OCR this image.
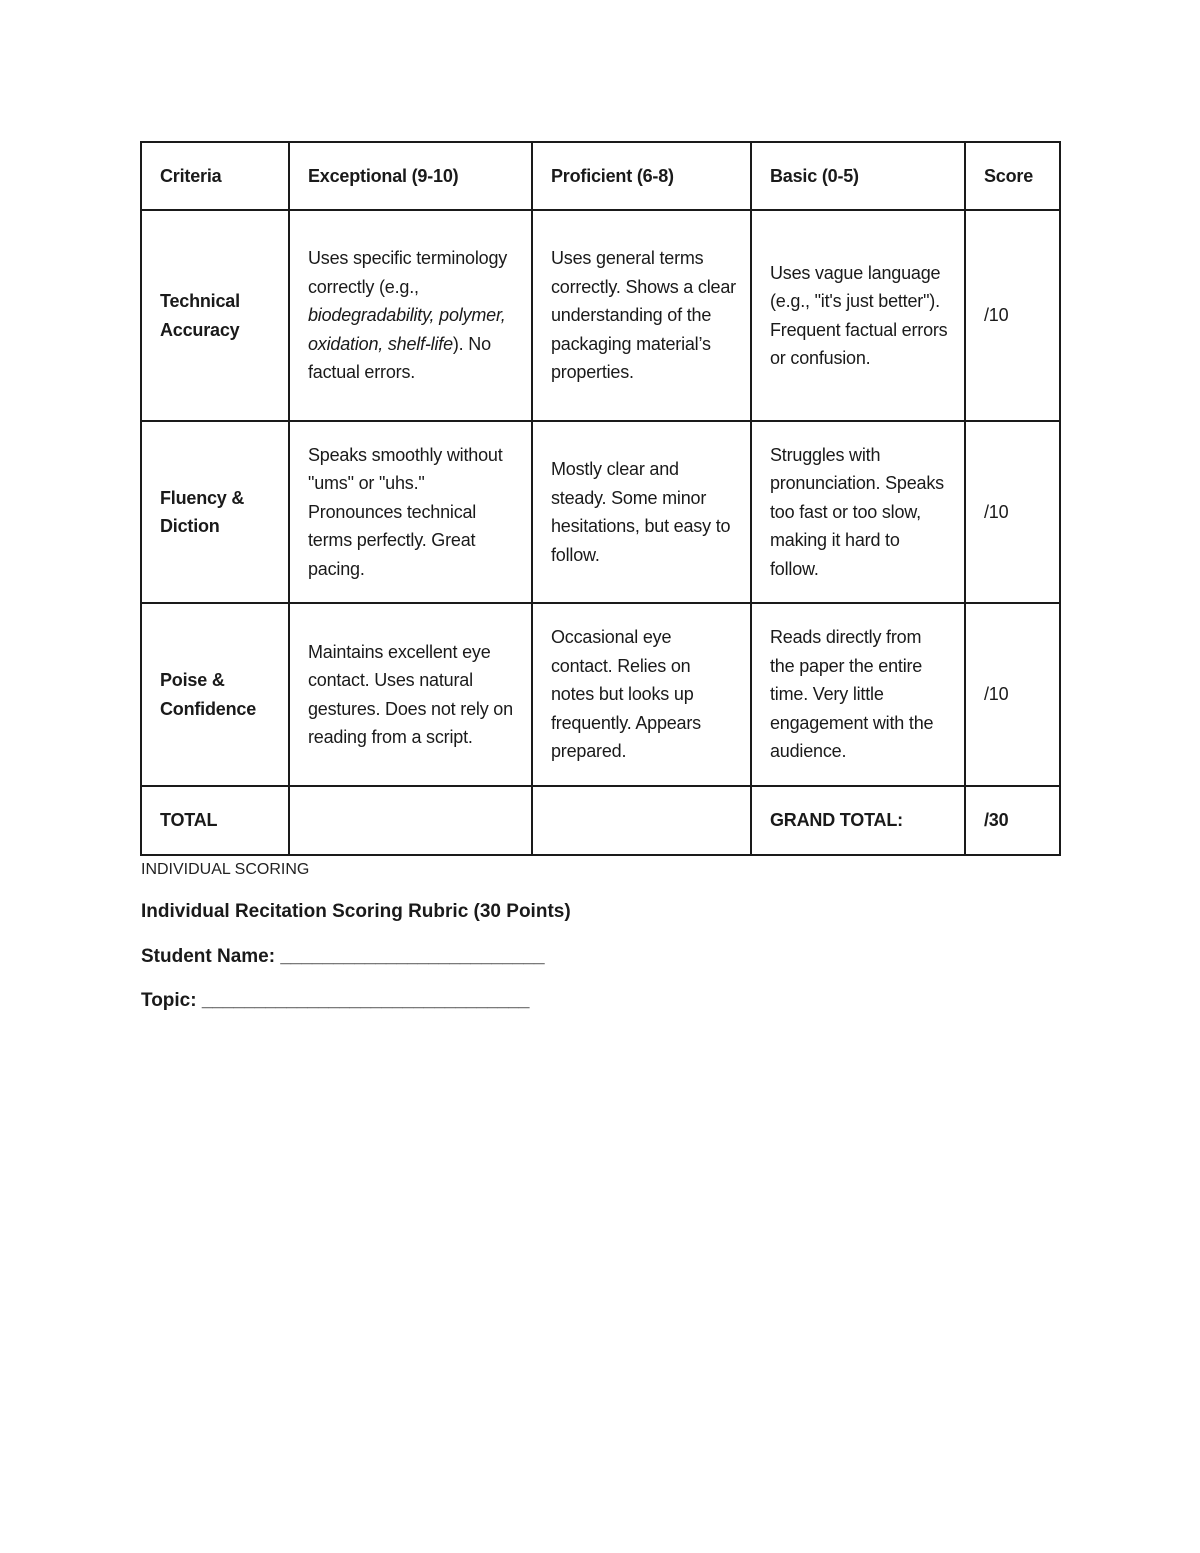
Criteria	Exceptional (9-10)	Proficient (6-8)	Basic (0-5)	Score
Technical Accuracy	Uses specific terminology correctly (e.g., biodegradability, polymer, oxidation, shelf-life). No factual errors.	Uses general terms correctly. Shows a clear understanding of the packaging material’s properties.	Uses vague language (e.g., "it's just better"). Frequent factual errors or confusion.	/10
Fluency & Diction	Speaks smoothly without "ums" or "uhs." Pronounces technical terms perfectly. Great pacing.	Mostly clear and steady. Some minor hesitations, but easy to follow.	Struggles with pronunciation. Speaks too fast or too slow, making it hard to follow.	/10
Poise & Confidence	Maintains excellent eye contact. Uses natural gestures. Does not rely on reading from a script.	Occasional eye contact. Relies on notes but looks up frequently. Appears prepared.	Reads directly from the paper the entire time. Very little engagement with the audience.	/10
TOTAL			GRAND TOTAL:	/30
INDIVIDUAL SCORING
Individual Recitation Scoring Rubric (30 Points)
Student Name: _________________________
Topic: _______________________________
